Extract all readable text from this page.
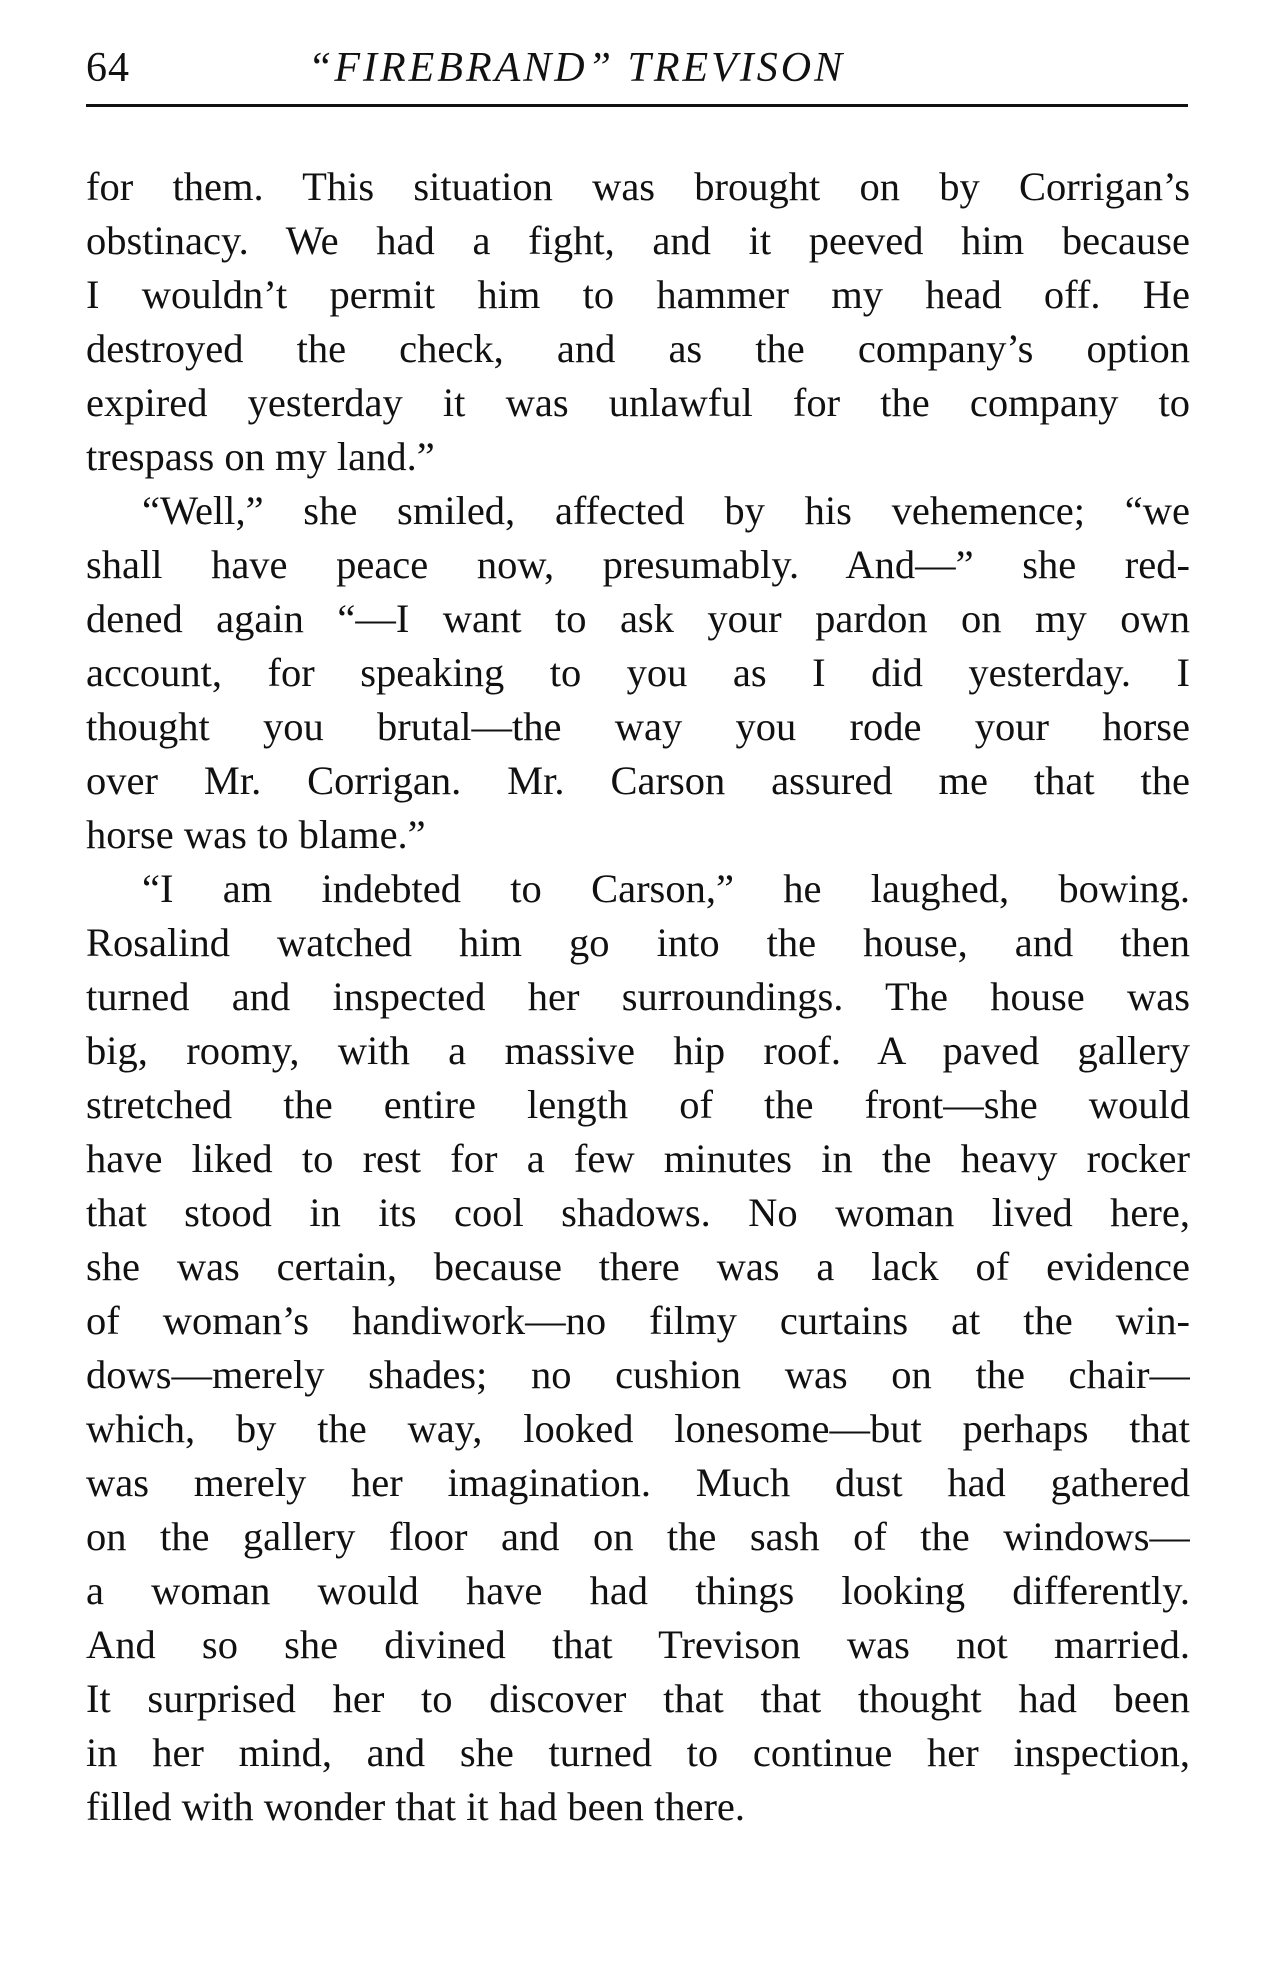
64	“FIREBRAND” TREVISON
for them. This situation was brought on by Corrigan’s
obstinacy. We had a fight, and it peeved him because
I wouldn’t permit him to hammer my head off. He
destroyed the check, and as the company’s option
expired yesterday it was unlawful for the company to
trespass on my land.”
“Well,” she smiled, affected by his vehemence; “we
shall have peace now, presumably. And—” she red-
dened again “—I want to ask your pardon on my own
account, for speaking to you as I did yesterday. I
thought you brutal—the way you rode your horse
over Mr. Corrigan. Mr. Carson assured me that the
horse was to blame.”
“I am indebted to Carson,” he laughed, bowing.
Rosalind watched him go into the house, and then
turned and inspected her surroundings. The house was
big, roomy, with a massive hip roof. A paved gallery
stretched the entire length of the front—she would
have liked to rest for a few minutes in the heavy rocker
that stood in its cool shadows. No woman lived here,
she was certain, because there was a lack of evidence
of woman’s handiwork—no filmy curtains at the win-
dows—merely shades; no cushion was on the chair—
which, by the way, looked lonesome—but perhaps that
was merely her imagination. Much dust had gathered
on the gallery floor and on the sash of the windows—
a woman would have had things looking differently.
And so she divined that Trevison was not married.
It surprised her to discover that that thought had been
in her mind, and she turned to continue her inspection,
filled with wonder that it had been there.
